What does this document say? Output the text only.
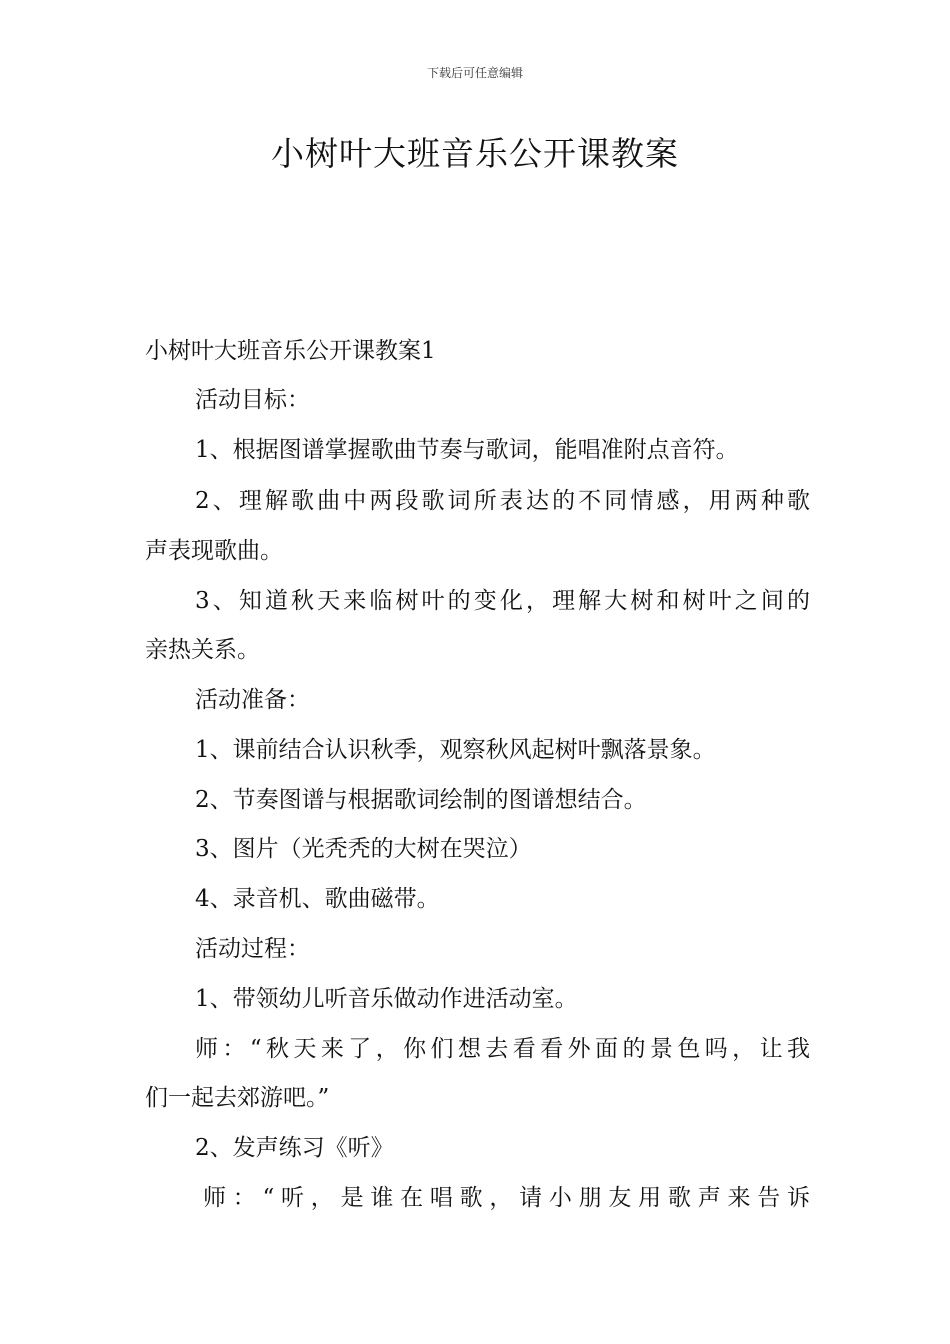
下载后可任意编辑
小树叶大班音乐公开课教案
小树叶大班音乐公开课教案1
活动目标：
1、根据图谱掌握歌曲节奏与歌词，能唱准附点音符。
2、理解歌曲中两段歌词所表达的不同情感，用两种歌
声表现歌曲。
3、知道秋天来临树叶的变化，理解大树和树叶之间的
亲热关系。
活动准备：
1、课前结合认识秋季，观察秋风起树叶飘落景象。
2、节奏图谱与根据歌词绘制的图谱想结合。
3、图片（光秃秃的大树在哭泣）
4、录音机、歌曲磁带。
活动过程：
1、带领幼儿听音乐做动作进活动室。
师：“秋天来了，你们想去看看外面的景色吗，让我
们一起去郊游吧。”
2、发声练习《听》
师：“听，是谁在唱歌，请小朋友用歌声来告诉
